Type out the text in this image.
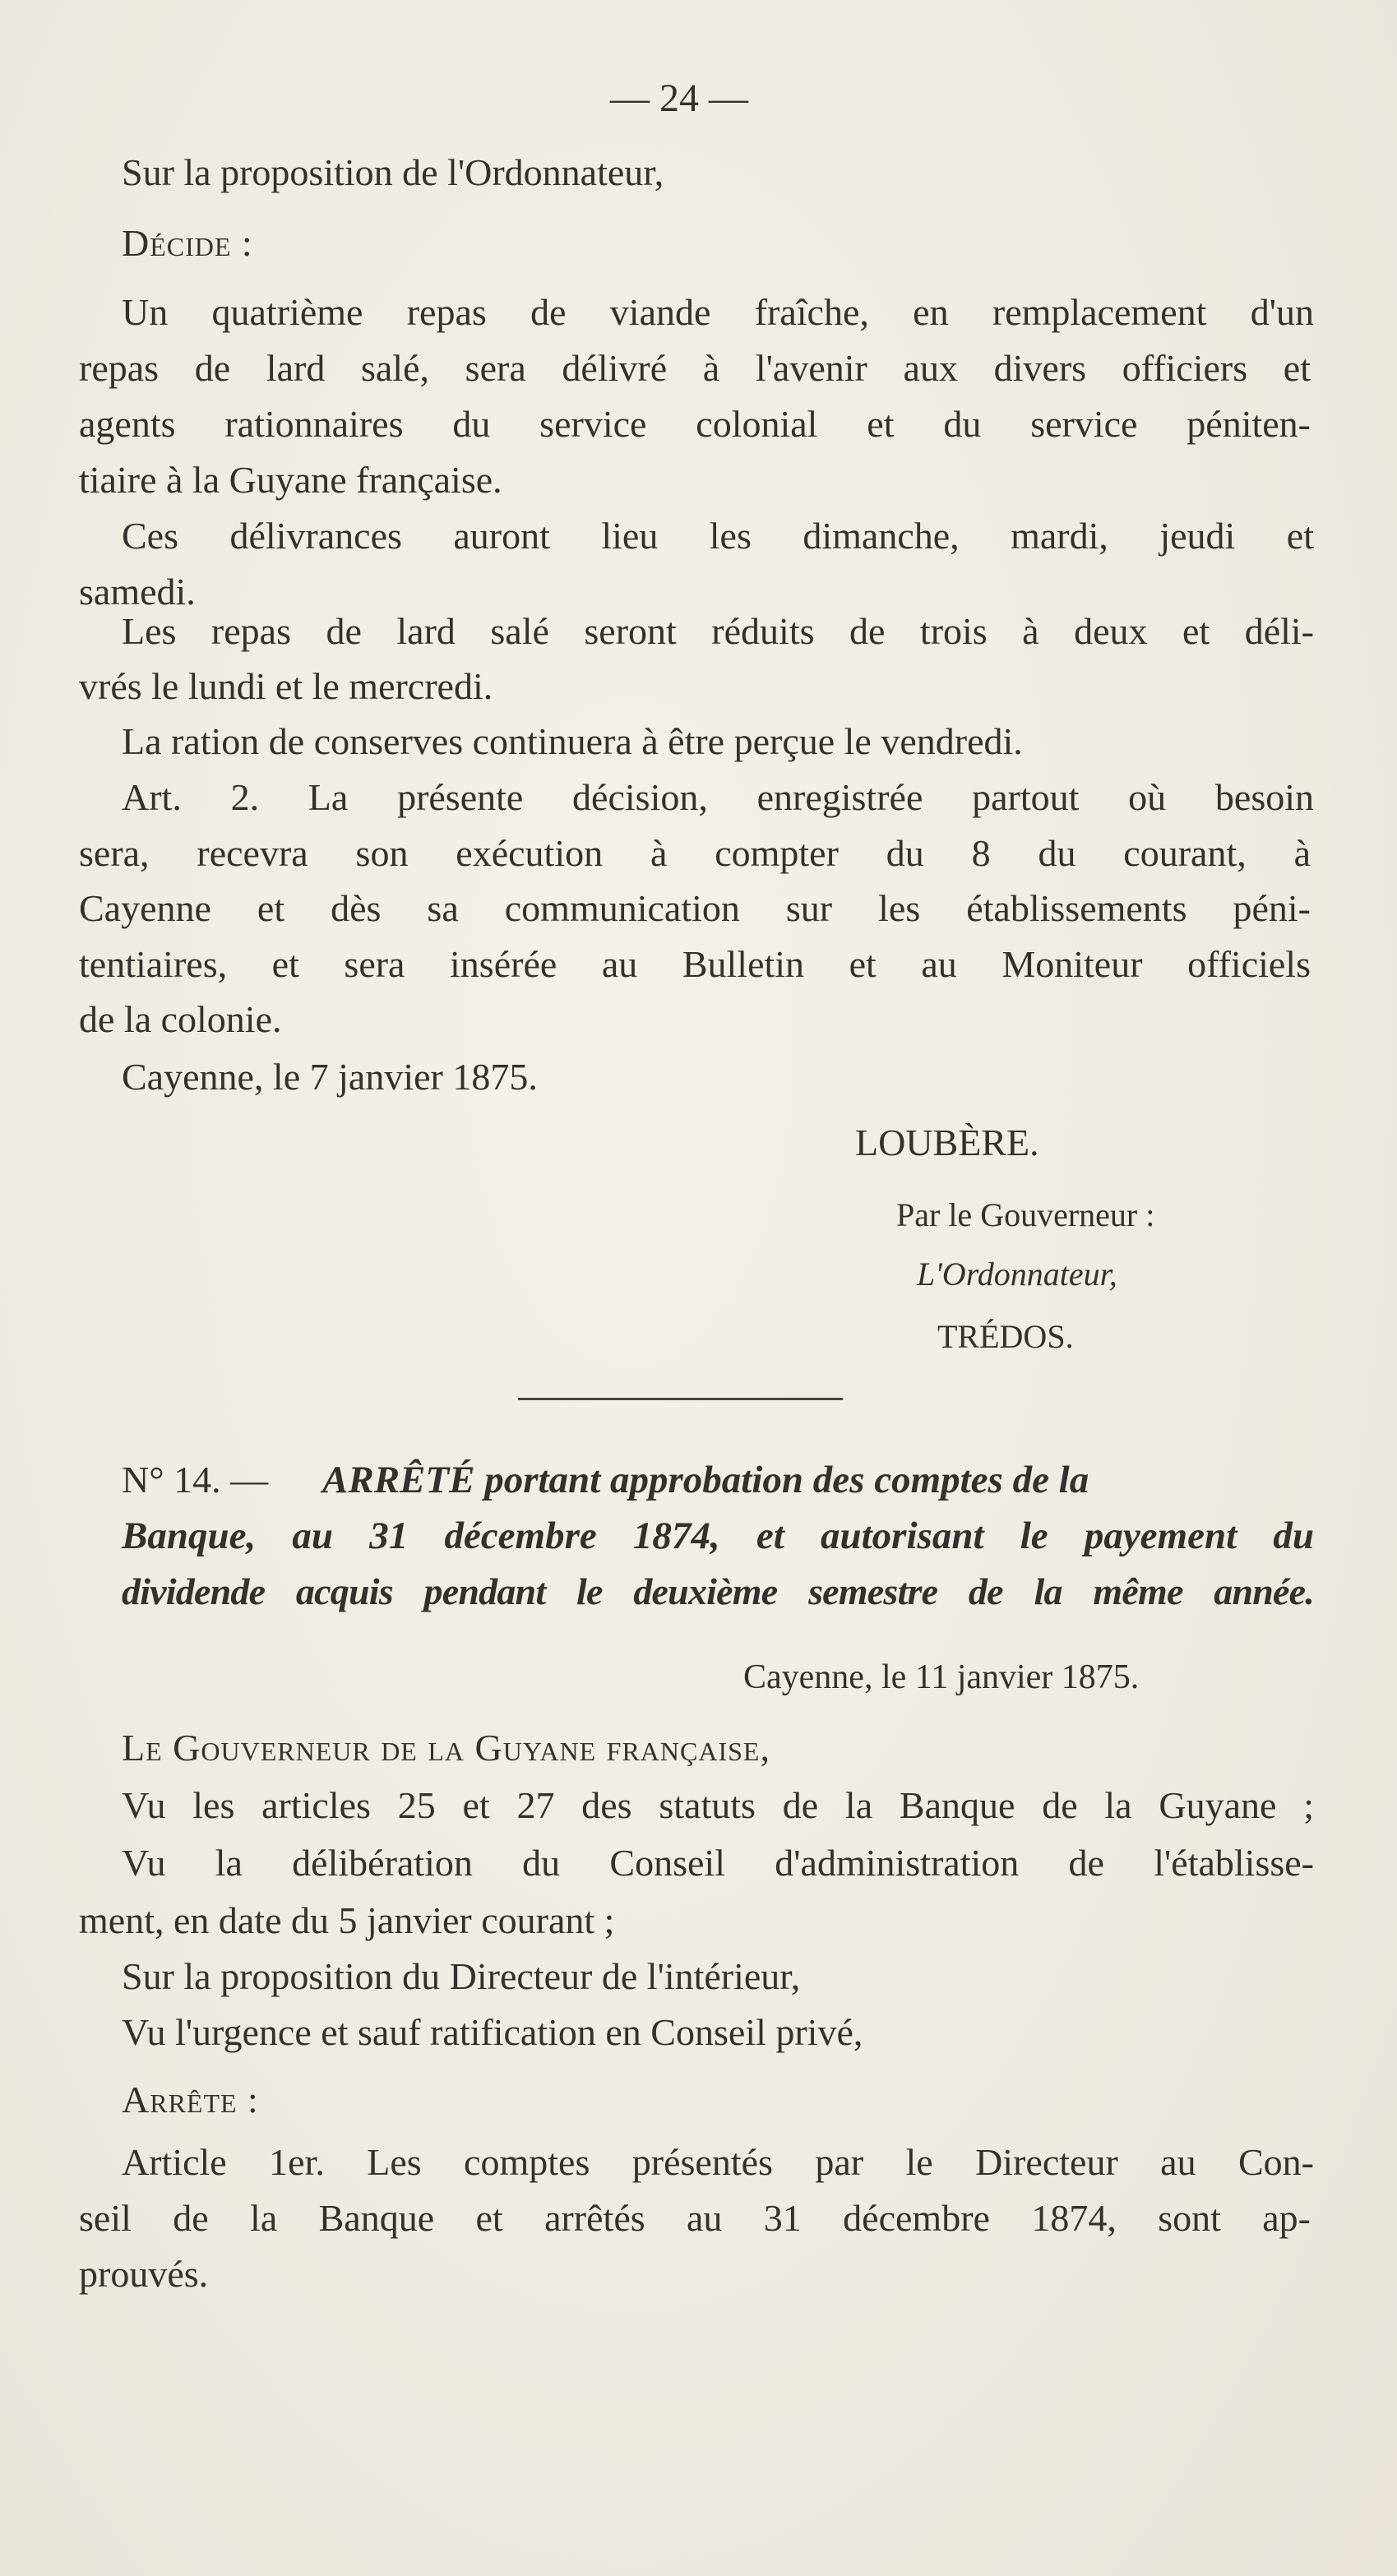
— 24 —
Sur la proposition de l'Ordonnateur,
Décide :
Un quatrième repas de viande fraîche, en remplacement d'un
repas de lard salé, sera délivré à l'avenir aux divers officiers et
agents rationnaires du service colonial et du service péniten-
tiaire à la Guyane française.
Ces délivrances auront lieu les dimanche, mardi, jeudi et
samedi.
Les repas de lard salé seront réduits de trois à deux et déli-
vrés le lundi et le mercredi.
La ration de conserves continuera à être perçue le vendredi.
Art. 2. La présente décision, enregistrée partout où besoin
sera, recevra son exécution à compter du 8 du courant, à
Cayenne et dès sa communication sur les établissements péni-
tentiaires, et sera insérée au Bulletin et au Moniteur officiels
de la colonie.
Cayenne, le 7 janvier 1875.
LOUBÈRE.
Par le Gouverneur :
L'Ordonnateur,
TRÉDOS.
N° 14. — ARRÊTÉ portant approbation des comptes de la
Banque, au 31 décembre 1874, et autorisant le payement du
dividende acquis pendant le deuxième semestre de la même année.
Cayenne, le 11 janvier 1875.
Le Gouverneur de la Guyane française,
Vu les articles 25 et 27 des statuts de la Banque de la Guyane ;
Vu la délibération du Conseil d'administration de l'établisse-
ment, en date du 5 janvier courant ;
Sur la proposition du Directeur de l'intérieur,
Vu l'urgence et sauf ratification en Conseil privé,
Arrête :
Article 1er. Les comptes présentés par le Directeur au Con-
seil de la Banque et arrêtés au 31 décembre 1874, sont ap-
prouvés.
